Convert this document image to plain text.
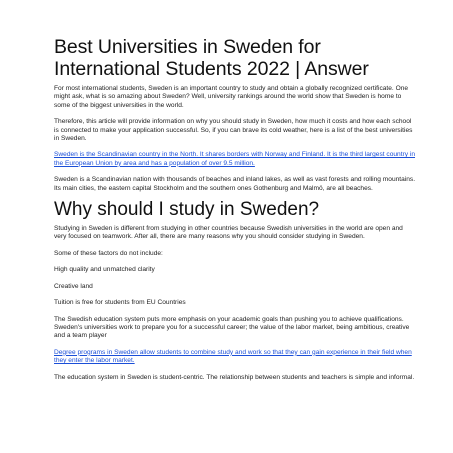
Best Universities in Sweden for International Students 2022 | Answer

For most international students, Sweden is an important country to study and obtain a globally recognized certificate. One might ask, what is so amazing about Sweden? Well, university rankings around the world show that Sweden is home to some of the biggest universities in the world.

Therefore, this article will provide information on why you should study in Sweden, how much it costs and how each school is connected to make your application successful. So, if you can brave its cold weather, here is a list of the best universities in Sweden.

Sweden is the Scandinavian country in the North. It shares borders with Norway and Finland. It is the third largest country in the European Union by area and has a population of over 9.5 million.

Sweden is a Scandinavian nation with thousands of beaches and inland lakes, as well as vast forests and rolling mountains. Its main cities, the eastern capital Stockholm and the southern ones Gothenburg and Malmö, are all beaches.

Why should I study in Sweden?

Studying in Sweden is different from studying in other countries because Swedish universities in the world are open and very focused on teamwork. After all, there are many reasons why you should consider studying in Sweden.

Some of these factors do not include:

High quality and unmatched clarity

Creative land

Tuition is free for students from EU Countries

The Swedish education system puts more emphasis on your academic goals than pushing you to achieve qualifications. Sweden's universities work to prepare you for a successful career; the value of the labor market, being ambitious, creative and a team player

Degree programs in Sweden allow students to combine study and work so that they can gain experience in their field when they enter the labor market.

The education system in Sweden is student-centric. The relationship between students and teachers is simple and informal.
